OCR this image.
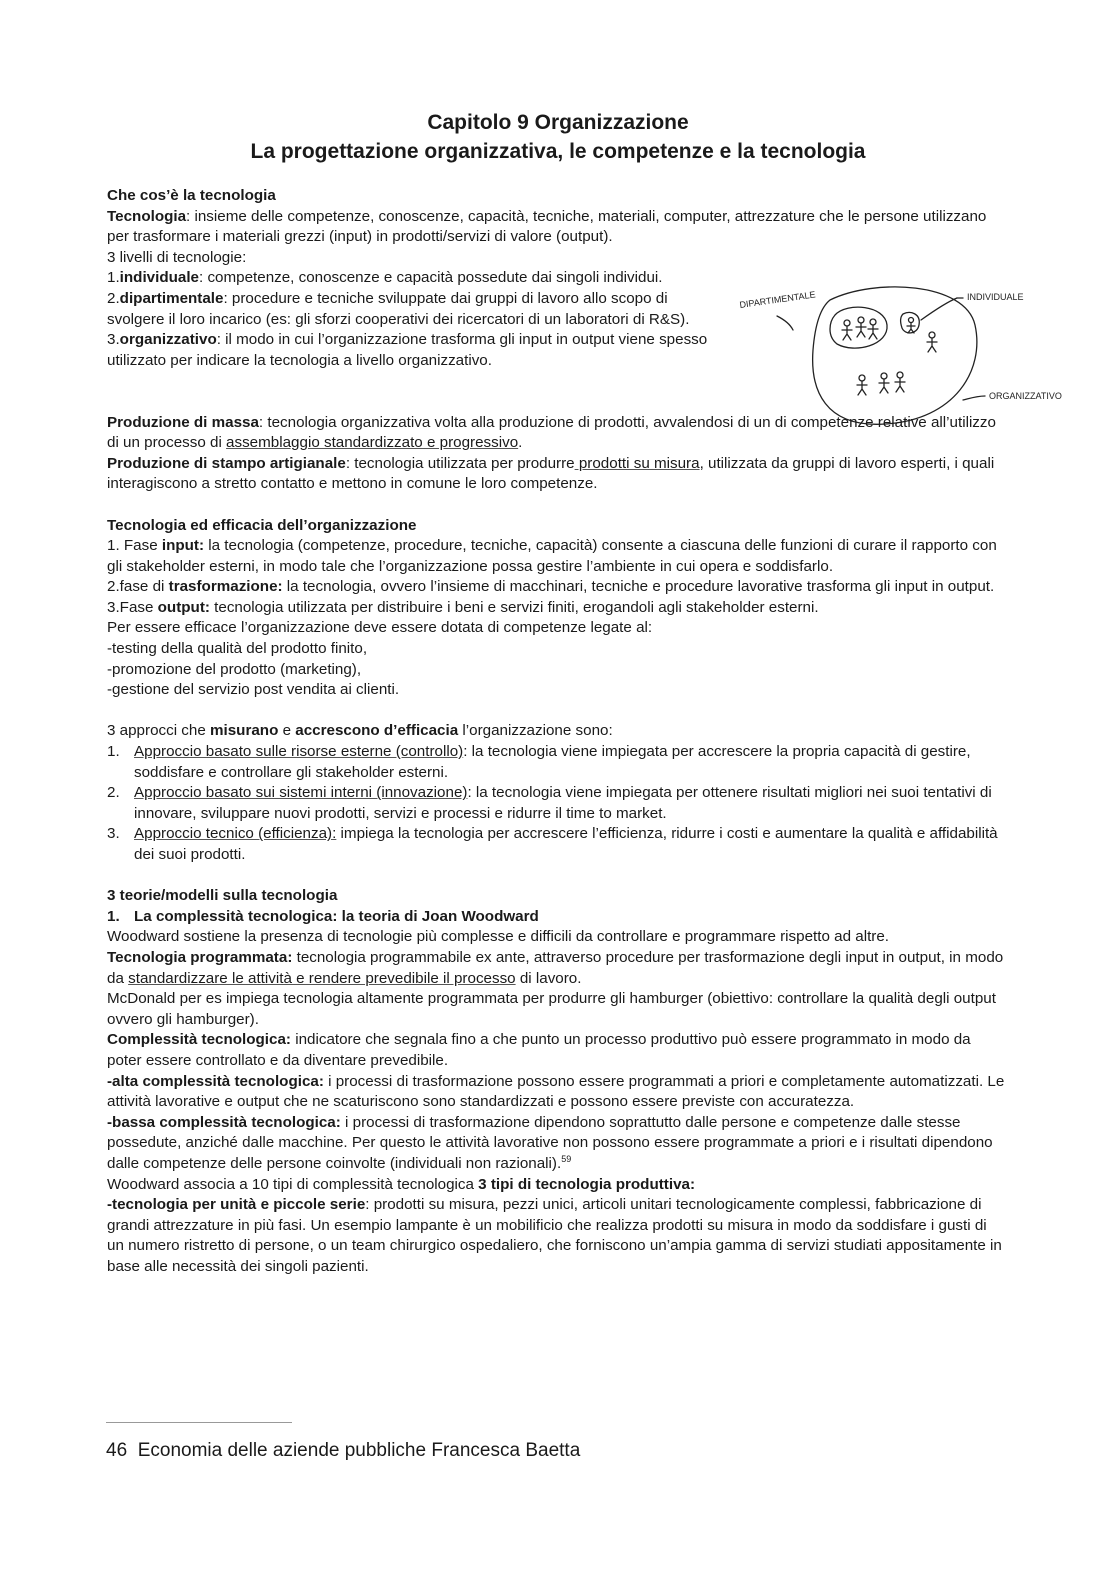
Capitolo 9 Organizzazione
La progettazione organizzativa, le competenze e la tecnologia
DIPARTIMENTALE	INDIVIDUALE
ORGANIZZATIVO

Che cos’è la tecnologia

Tecnologia: insieme delle competenze, conoscenze, capacità, tecniche, materiali, computer, attrezzature che le persone utilizzano per trasformare i materiali grezzi (input) in prodotti/servizi di valore (output).

3 livelli di tecnologie:

1.individuale: competenze, conoscenze e capacità possedute dai singoli individui.

2.dipartimentale: procedure e tecniche sviluppate dai gruppi di lavoro allo scopo di svolgere il loro incarico (es: gli sforzi cooperativi dei ricercatori di un laboratori di R&S).

3.organizzativo: il modo in cui l’organizzazione trasforma gli input in output viene spesso utilizzato per indicare la tecnologia a livello organizzativo.

Produzione di massa: tecnologia organizzativa volta alla produzione di prodotti, avvalendosi di un di competenze relative all’utilizzo di un processo di assemblaggio standardizzato e progressivo.

Produzione di stampo artigianale: tecnologia utilizzata per produrre prodotti su misura, utilizzata da gruppi di lavoro esperti, i quali interagiscono a stretto contatto e mettono in comune le loro competenze.

Tecnologia ed efficacia dell’organizzazione

1. Fase input: la tecnologia (competenze, procedure, tecniche, capacità) consente a ciascuna delle funzioni di curare il rapporto con gli stakeholder esterni, in modo tale che l’organizzazione possa gestire l’ambiente in cui opera e soddisfarlo.

2.fase di trasformazione: la tecnologia, ovvero l’insieme di macchinari, tecniche e procedure lavorative trasforma gli input in output.

3.Fase output: tecnologia utilizzata per distribuire i beni e servizi finiti, erogandoli agli stakeholder esterni.

Per essere efficace l’organizzazione deve essere dotata di competenze legate al:

-testing della qualità del prodotto finito,

-promozione del prodotto (marketing),

-gestione del servizio post vendita ai clienti.

3 approcci che misurano e accrescono d’efficacia l’organizzazione sono:

1. Approccio basato sulle risorse esterne (controllo): la tecnologia viene impiegata per accrescere la propria capacità di gestire, soddisfare e controllare gli stakeholder esterni.
2. Approccio basato sui sistemi interni (innovazione): la tecnologia viene impiegata per ottenere risultati migliori nei suoi tentativi di innovare, sviluppare nuovi prodotti, servizi e processi e ridurre il time to market.
3. Approccio tecnico (efficienza): impiega la tecnologia per accrescere l’efficienza, ridurre i costi e aumentare la qualità e affidabilità dei suoi prodotti.

3 teorie/modelli sulla tecnologia

1. La complessità tecnologica: la teoria di Joan Woodward

Woodward sostiene la presenza di tecnologie più complesse e difficili da controllare e programmare rispetto ad altre.

Tecnologia programmata: tecnologia programmabile ex ante, attraverso procedure per trasformazione degli input in output, in modo da standardizzare le attività e rendere prevedibile il processo di lavoro.

McDonald per es impiega tecnologia altamente programmata per produrre gli hamburger (obiettivo: controllare la qualità degli output ovvero gli hamburger).

Complessità tecnologica: indicatore che segnala fino a che punto un processo produttivo può essere programmato in modo da poter essere controllato e da diventare prevedibile.

-alta complessità tecnologica: i processi di trasformazione possono essere programmati a priori e completamente automatizzati. Le attività lavorative e output che ne scaturiscono sono standardizzati e possono essere previste con accuratezza.

-bassa complessità tecnologica: i processi di trasformazione dipendono soprattutto dalle persone e competenze dalle stesse possedute, anziché dalle macchine. Per questo le attività lavorative non possono essere programmate a priori e i risultati dipendono dalle competenze delle persone coinvolte (individuali non razionali).$^{59}$

Woodward associa a 10 tipi di complessità tecnologica 3 tipi di tecnologia produttiva:

-tecnologia per unità e piccole serie: prodotti su misura, pezzi unici, articoli unitari tecnologicamente complessi, fabbricazione di grandi attrezzature in più fasi. Un esempio lampante è un mobilificio che realizza prodotti su misura in modo da soddisfare i gusti di un numero ristretto di persone, o un team chirurgico ospedaliero, che forniscono un’ampia gamma di servizi studiati appositamente in base alle necessità dei singoli pazienti.

46 Economia delle aziende pubbliche Francesca Baetta
